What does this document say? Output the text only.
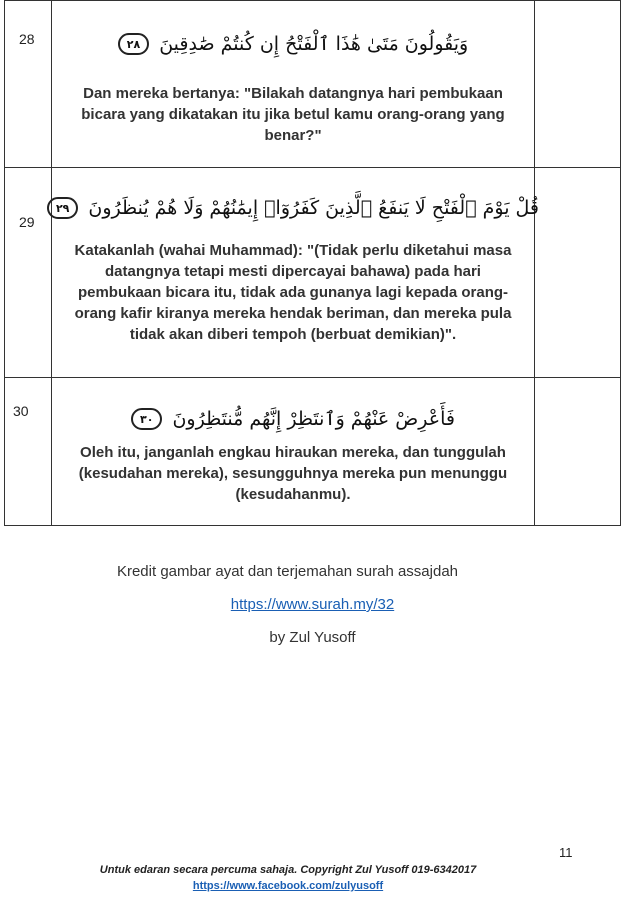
28	وَيَقُولُونَ مَتَىٰ هَٰذَا ٱلْفَتْحُ إِن كُنتُمْ صَٰدِقِينَ
٢٨
Dan mereka bertanya: "Bilakah datangnya hari pembukaan bicara yang dikatakan itu jika betul kamu orang-orang yang benar?"	

29	قُلْ يَوْمَ ٱلْفَتْحِ لَا يَنفَعُ ٱلَّذِينَ كَفَرُوٓا۟ إِيمَٰنُهُمْ وَلَا هُمْ يُنظَرُونَ
٢٩
Katakanlah (wahai Muhammad): "(Tidak perlu diketahui masa datangnya tetapi mesti dipercayai bahawa) pada hari pembukaan bicara itu, tidak ada gunanya lagi kepada orang-orang kafir kiranya mereka hendak beriman, dan mereka pula tidak akan diberi tempoh (berbuat demikian)".	

30	فَأَعْرِضْ عَنْهُمْ وَٱنتَظِرْ إِنَّهُم مُّنتَظِرُونَ
٣٠
Oleh itu, janganlah engkau hiraukan mereka, dan tunggulah (kesudahan mereka), sesungguhnya mereka pun menunggu (kesudahanmu).	

Kredit gambar ayat dan terjemahan surah assajdah
https://www.surah.my/32
by Zul Yusoff
11
Untuk edaran secara percuma sahaja. Copyright Zul Yusoff 019-6342017
https://www.facebook.com/zulyusoff
